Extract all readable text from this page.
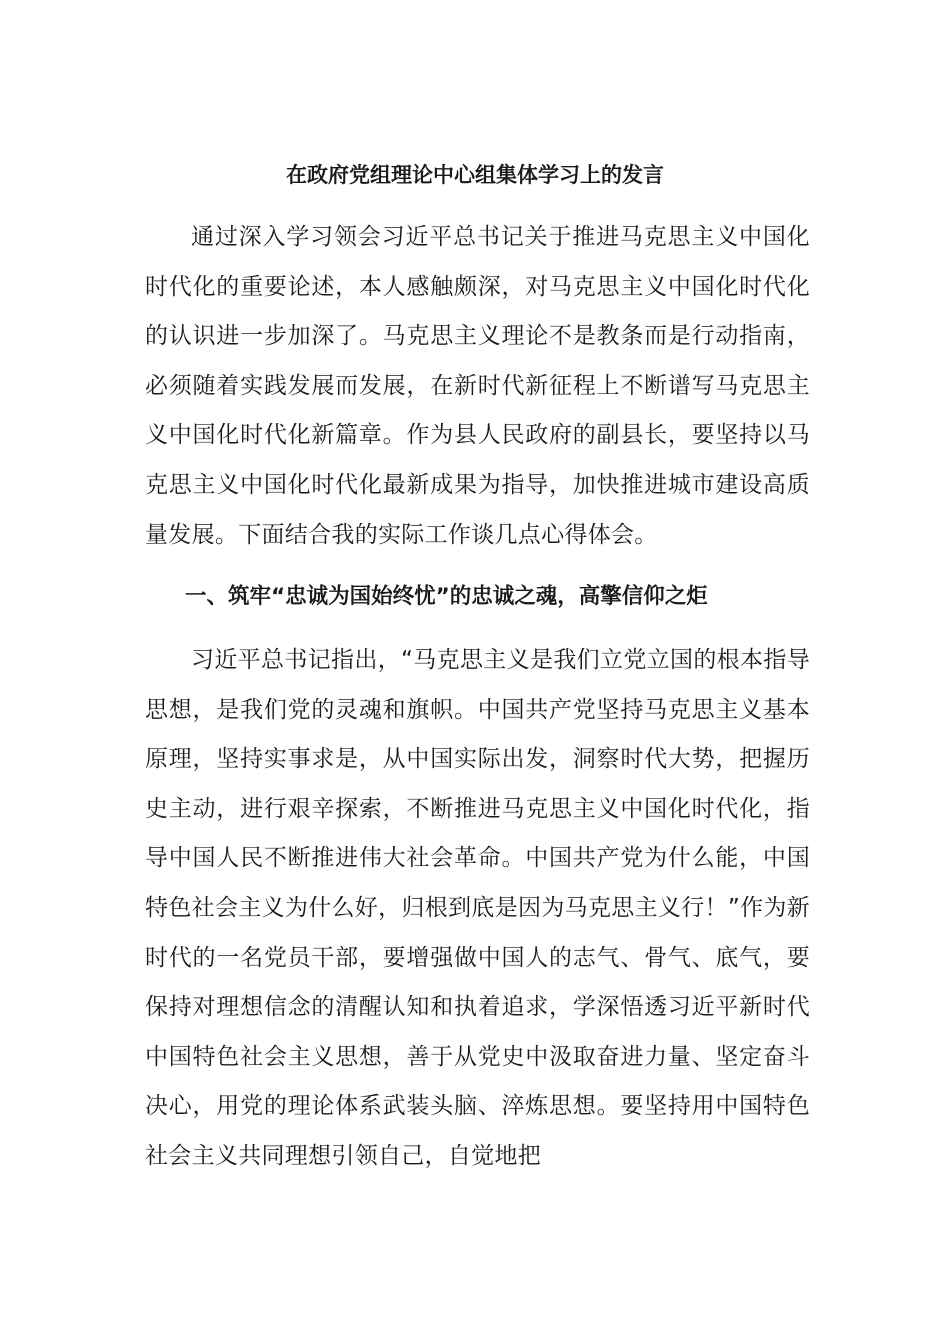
在政府党组理论中心组集体学习上的发言

通过深入学习领会习近平总书记关于推进马克思主义中国化时代化的重要论述，本人感触颇深，对马克思主义中国化时代化的认识进一步加深了。马克思主义理论不是教条而是行动指南，必须随着实践发展而发展，在新时代新征程上不断谱写马克思主义中国化时代化新篇章。作为县人民政府的副县长，要坚持以马克思主义中国化时代化最新成果为指导，加快推进城市建设高质量发展。下面结合我的实际工作谈几点心得体会。

一、筑牢“忠诚为国始终忧”的忠诚之魂，高擎信仰之炬

习近平总书记指出，“马克思主义是我们立党立国的根本指导思想，是我们党的灵魂和旗帜。中国共产党坚持马克思主义基本原理，坚持实事求是，从中国实际出发，洞察时代大势，把握历史主动，进行艰辛探索，不断推进马克思主义中国化时代化，指导中国人民不断推进伟大社会革命。中国共产党为什么能，中国特色社会主义为什么好，归根到底是因为马克思主义行！”作为新时代的一名党员干部，要增强做中国人的志气、骨气、底气，要保持对理想信念的清醒认知和执着追求，学深悟透习近平新时代中国特色社会主义思想，善于从党史中汲取奋进力量、坚定奋斗决心，用党的理论体系武装头脑、淬炼思想。要坚持用中国特色社会主义共同理想引领自己，自觉地把
